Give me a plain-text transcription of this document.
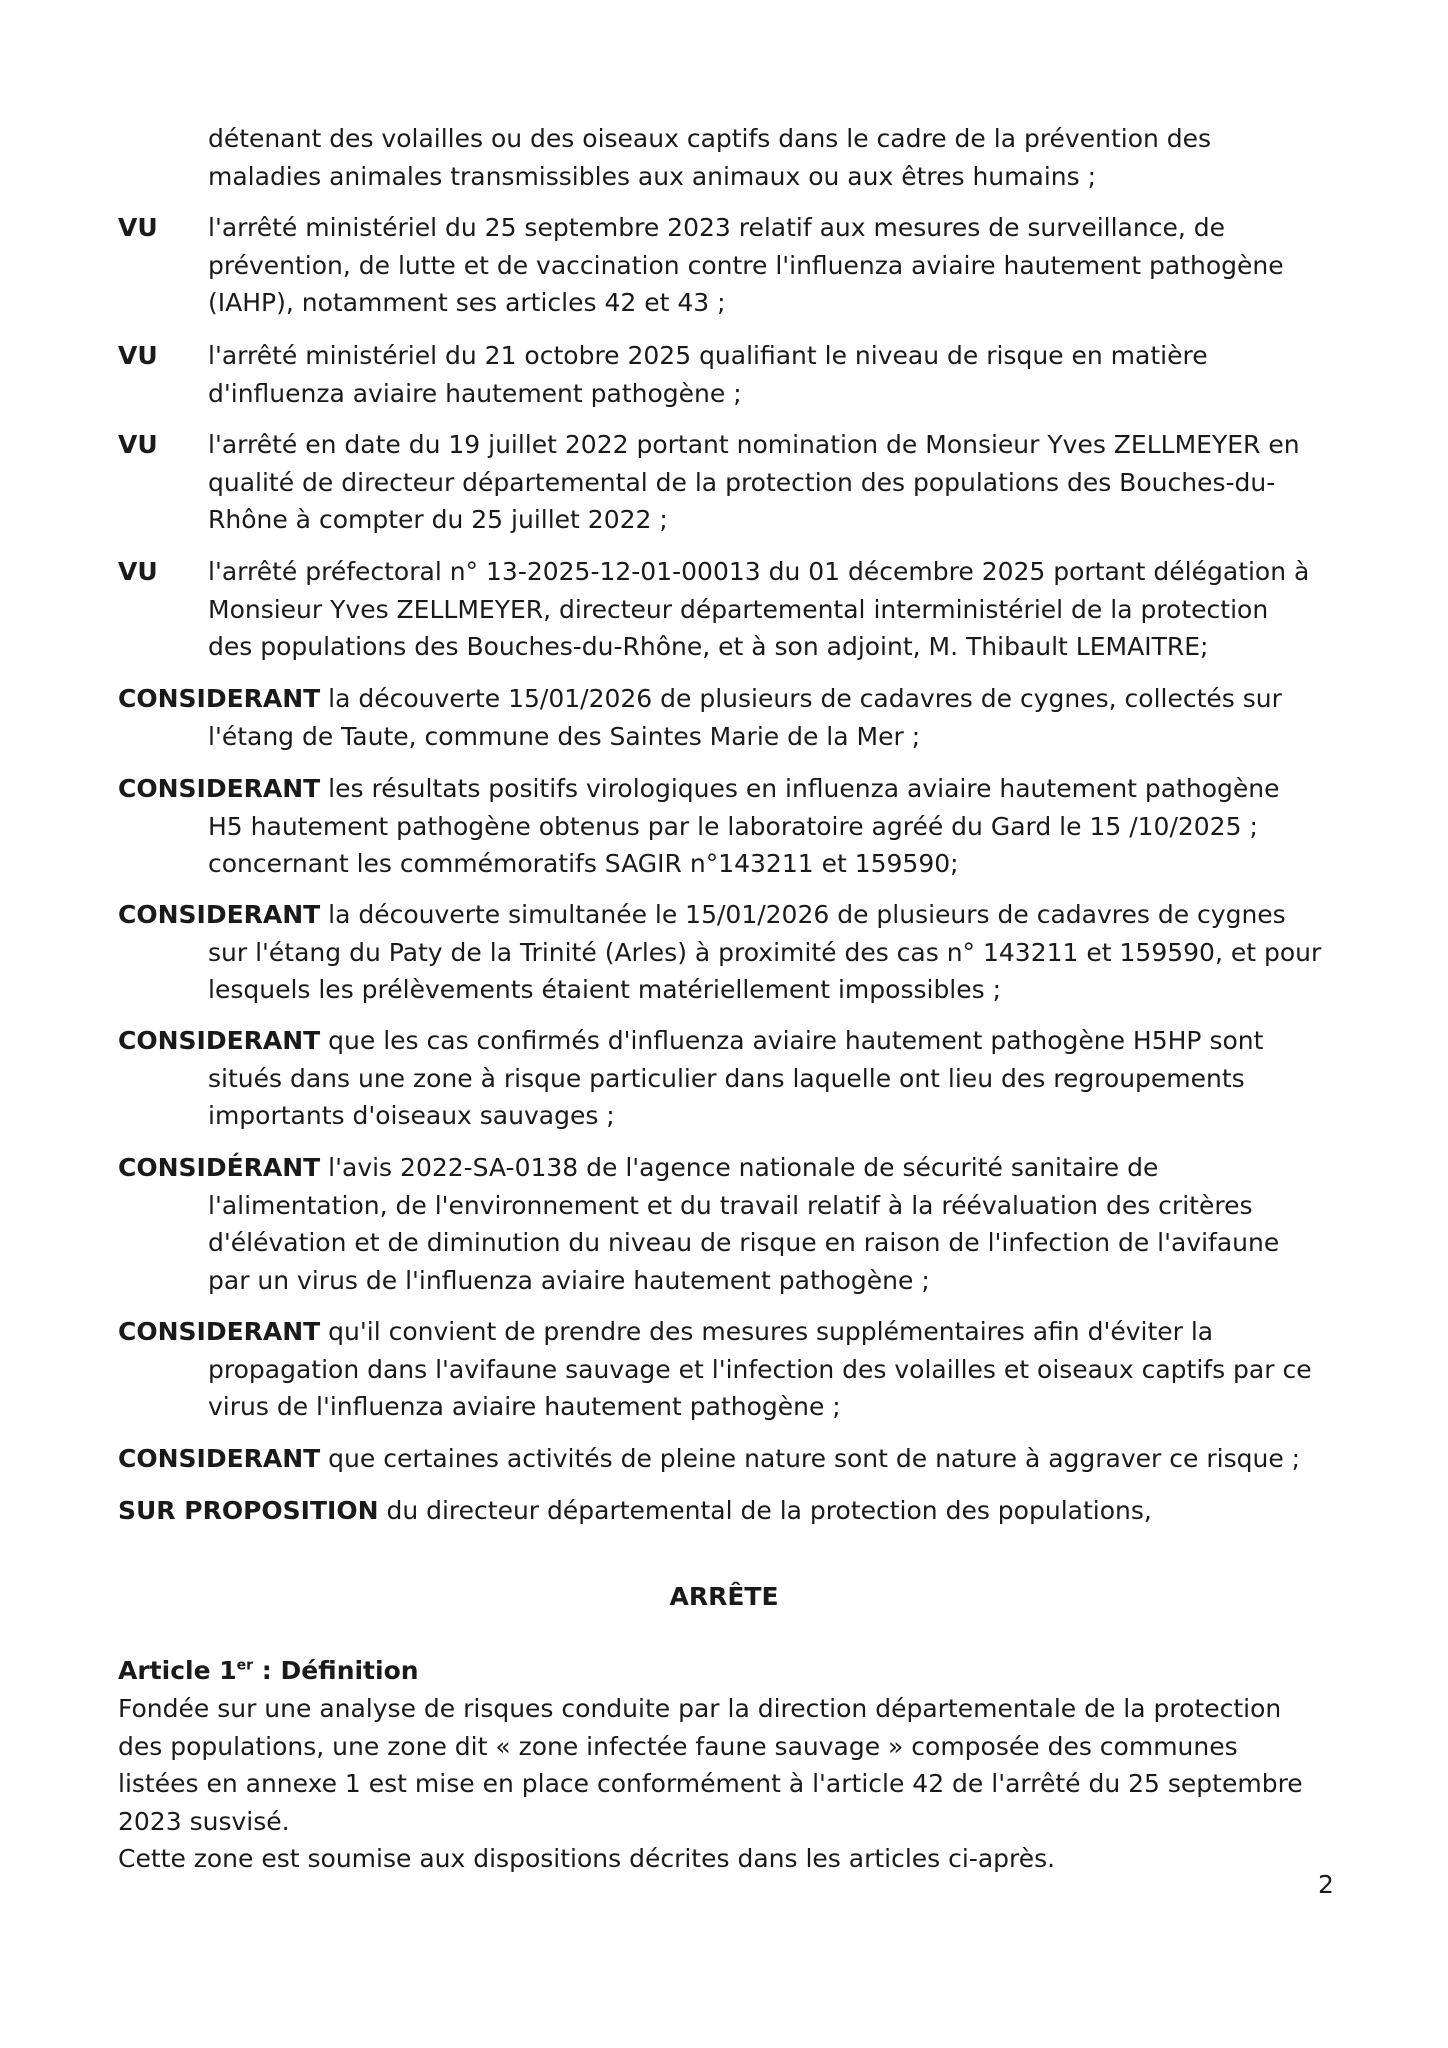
détenant des volailles ou des oiseaux captifs dans le cadre de la prévention des
maladies animales transmissibles aux animaux ou aux êtres humains ;
VU l'arrêté ministériel du 25 septembre 2023 relatif aux mesures de surveillance, de
prévention, de lutte et de vaccination contre l'influenza aviaire hautement pathogène
(IAHP), notamment ses articles 42 et 43 ;
VU l'arrêté ministériel du 21 octobre 2025 qualifiant le niveau de risque en matière
d'influenza aviaire hautement pathogène ;
VU l'arrêté en date du 19 juillet 2022 portant nomination de Monsieur Yves ZELLMEYER en
qualité de directeur départemental de la protection des populations des Bouches-du-
Rhône à compter du 25 juillet 2022 ;
VU l'arrêté préfectoral n° 13-2025-12-01-00013 du 01 décembre 2025 portant délégation à
Monsieur Yves ZELLMEYER, directeur départemental interministériel de la protection
des populations des Bouches-du-Rhône, et à son adjoint, M. Thibault LEMAITRE;
CONSIDERANT la découverte 15/01/2026 de plusieurs de cadavres de cygnes, collectés sur
l'étang de Taute, commune des Saintes Marie de la Mer ;
CONSIDERANT les résultats positifs virologiques en influenza aviaire hautement pathogène
H5 hautement pathogène obtenus par le laboratoire agréé du Gard le 15 /10/2025 ;
concernant les commémoratifs SAGIR n°143211 et 159590;
CONSIDERANT la découverte simultanée le 15/01/2026 de plusieurs de cadavres de cygnes
sur l'étang du Paty de la Trinité (Arles) à proximité des cas n° 143211 et 159590, et pour
lesquels les prélèvements étaient matériellement impossibles ;
CONSIDERANT que les cas confirmés d'influenza aviaire hautement pathogène H5HP sont
situés dans une zone à risque particulier dans laquelle ont lieu des regroupements
importants d'oiseaux sauvages ;
CONSIDÉRANT l'avis 2022-SA-0138 de l'agence nationale de sécurité sanitaire de
l'alimentation, de l'environnement et du travail relatif à la réévaluation des critères
d'élévation et de diminution du niveau de risque en raison de l'infection de l'avifaune
par un virus de l'influenza aviaire hautement pathogène ;
CONSIDERANT qu'il convient de prendre des mesures supplémentaires afin d'éviter la
propagation dans l'avifaune sauvage et l'infection des volailles et oiseaux captifs par ce
virus de l'influenza aviaire hautement pathogène ;
CONSIDERANT que certaines activités de pleine nature sont de nature à aggraver ce risque ;
SUR PROPOSITION du directeur départemental de la protection des populations,
ARRÊTE
Article 1er : Définition
Fondée sur une analyse de risques conduite par la direction départementale de la protection
des populations, une zone dit « zone infectée faune sauvage » composée des communes
listées en annexe 1 est mise en place conformément à l'article 42 de l'arrêté du 25 septembre
2023 susvisé.
Cette zone est soumise aux dispositions décrites dans les articles ci-après.
2
